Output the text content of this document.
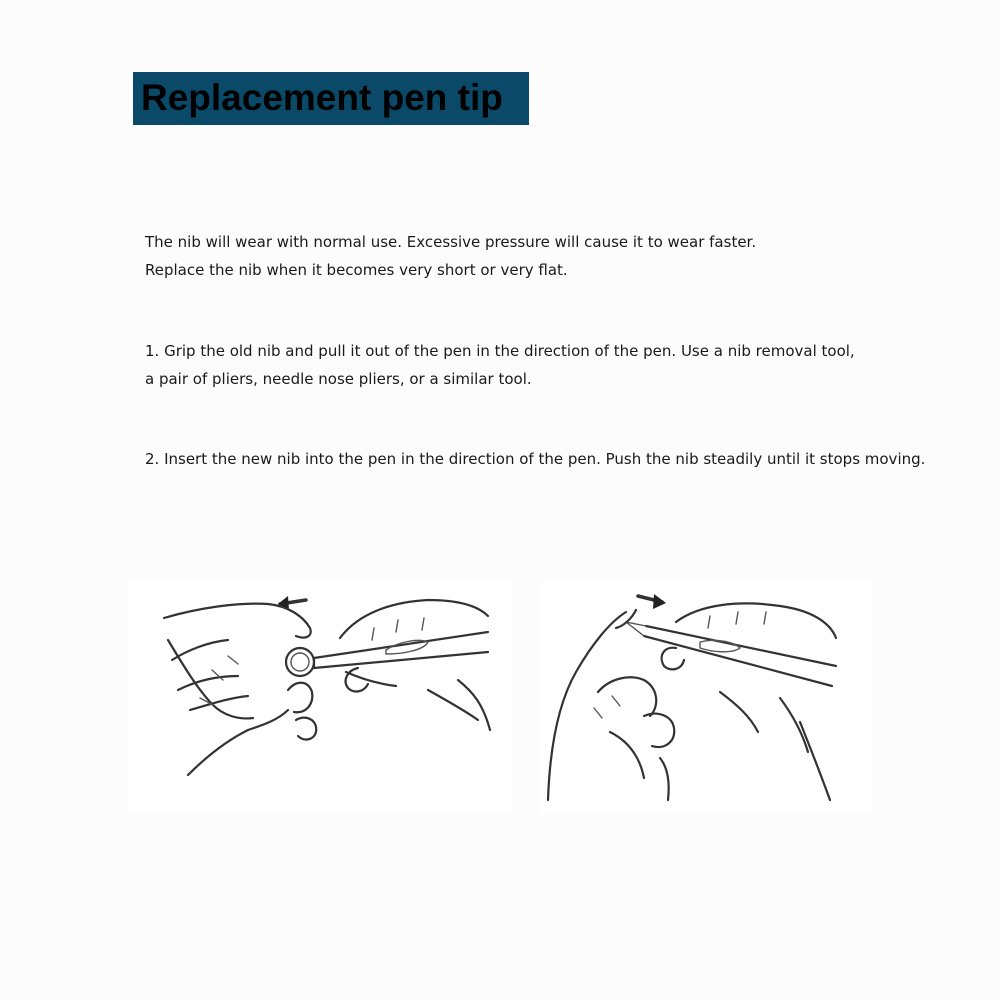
Replacement pen tip
The nib will wear with normal use. Excessive pressure will cause it to wear faster.
Replace the nib when it becomes very short or very flat.
1. Grip the old nib and pull it out of the pen in the direction of the pen. Use a nib removal tool,
a pair of pliers, needle nose pliers, or a similar tool.
2. Insert the new nib into the pen in the direction of the pen. Push the nib steadily until it stops moving.
